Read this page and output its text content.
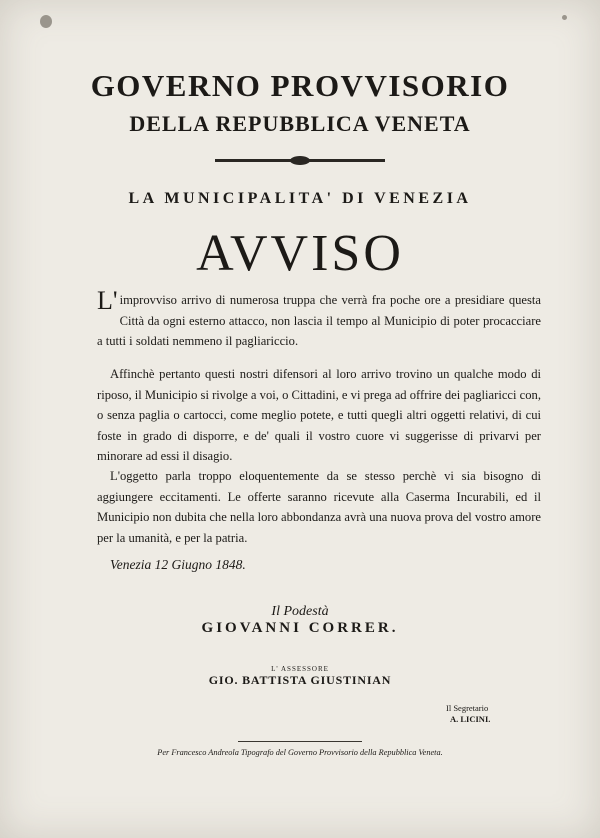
GOVERNO PROVVISORIO
DELLA REPUBBLICA VENETA
LA MUNICIPALITA' DI VENEZIA
AVVISO
L'improvviso arrivo di numerosa truppa che verrà fra poche ore a presidiare questa Città da ogni esterno attacco, non lascia il tempo al Municipio di poter procacciare a tutti i soldati nemmeno il pagliariccio.
Affinchè pertanto questi nostri difensori al loro arrivo trovino un qualche modo di riposo, il Municipio si rivolge a voi, o Cittadini, e vi prega ad offrire dei pagliaricci con, o senza paglia o cartocci, come meglio potete, e tutti quegli altri oggetti relativi, di cui foste in grado di disporre, e de' quali il vostro cuore vi suggerisse di privarvi per minorare ad essi il disagio.
L'oggetto parla troppo eloquentemente da se stesso perchè vi sia bisogno di aggiungere eccitamenti. Le offerte saranno ricevute alla Caserma Incurabili, ed il Municipio non dubita che nella loro abbondanza avrà una nuova prova del vostro amore per la umanità, e per la patria.
Venezia 12 Giugno 1848.
Il Podestà
GIOVANNI CORRER.
L' ASSESSORE
GIO. BATTISTA GIUSTINIAN
Il Segretario
A. LICINI.
Per Francesco Andreola Tipografo del Governo Provvisorio della Repubblica Veneta.
